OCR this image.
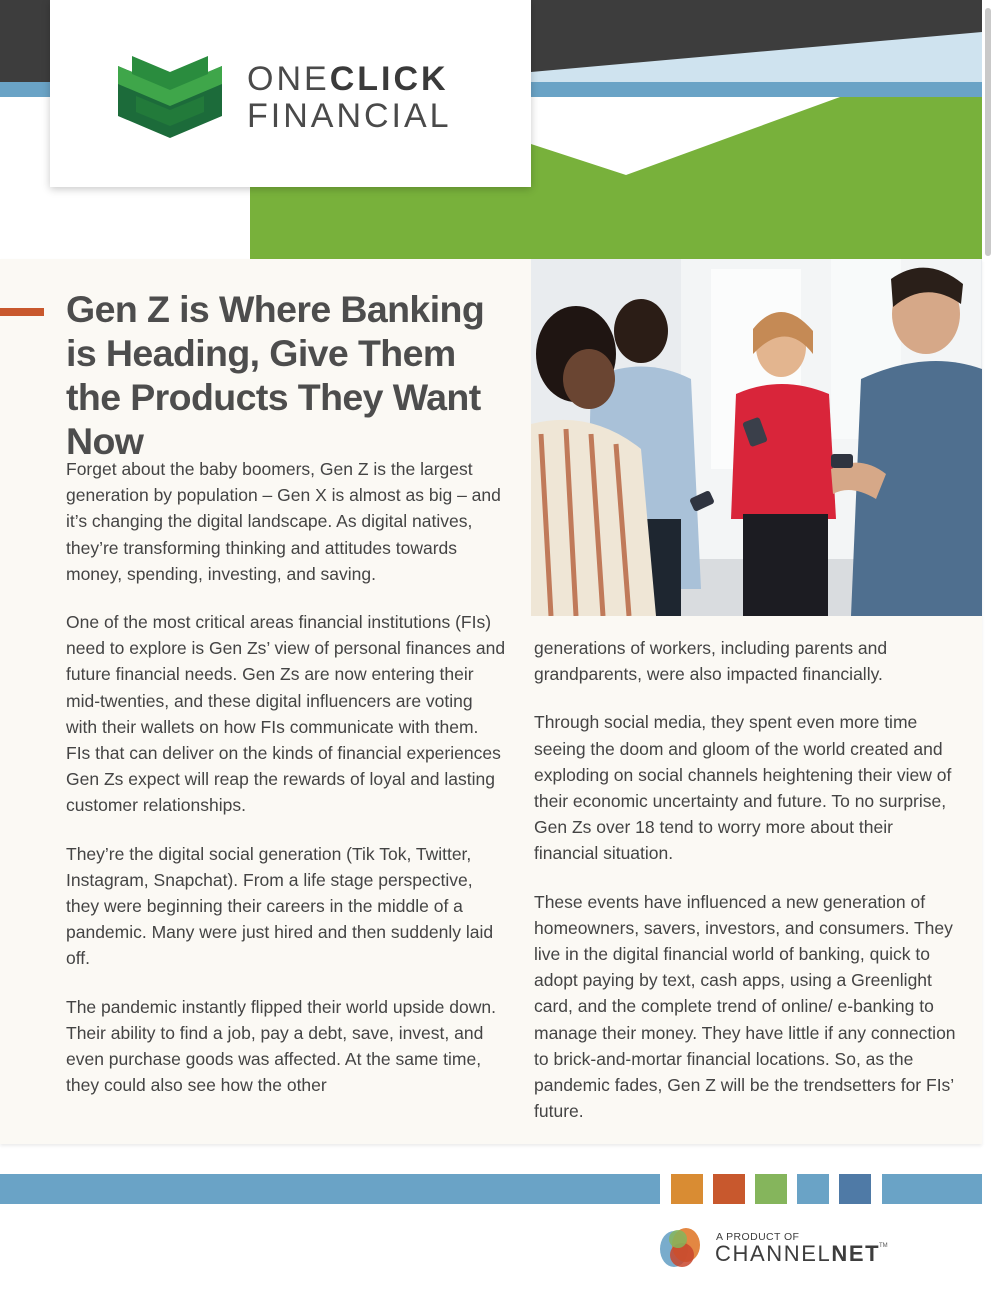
ONECLICK
FINANCIAL
Gen Z is Where Banking is Heading, Give Them the Products They Want Now

Forget about the baby boomers, Gen Z is the largest generation by population – Gen X is almost as big – and it’s changing the digital landscape. As digital natives, they’re transforming thinking and attitudes towards money, spending, investing, and saving.

One of the most critical areas financial institutions (FIs) need to explore is Gen Zs’ view of personal finances and future financial needs. Gen Zs are now entering their mid-twenties, and these digital influencers are voting with their wallets on how FIs communicate with them. FIs that can deliver on the kinds of financial experiences Gen Zs expect will reap the rewards of loyal and lasting customer relationships.

They’re the digital social generation (Tik Tok, Twitter, Instagram, Snapchat). From a life stage perspective, they were beginning their careers in the middle of a pandemic. Many were just hired and then suddenly laid off.

The pandemic instantly flipped their world upside down. Their ability to find a job, pay a debt, save, invest, and even purchase goods was affected. At the same time, they could also see how the other

generations of workers, including parents and grandparents, were also impacted financially.

Through social media, they spent even more time seeing the doom and gloom of the world created and exploding on social channels heightening their view of their economic uncertainty and future. To no surprise, Gen Zs over 18 tend to worry more about their financial situation.

These events have influenced a new generation of homeowners, savers, investors, and consumers. They live in the digital financial world of banking, quick to adopt paying by text, cash apps, using a Greenlight card, and the complete trend of online/ e-banking to manage their money. They have little if any connection to brick-and-mortar financial locations. So, as the pandemic fades, Gen Z will be the trendsetters for FIs’ future.

A PRODUCT OF
CHANNELNET
TM
